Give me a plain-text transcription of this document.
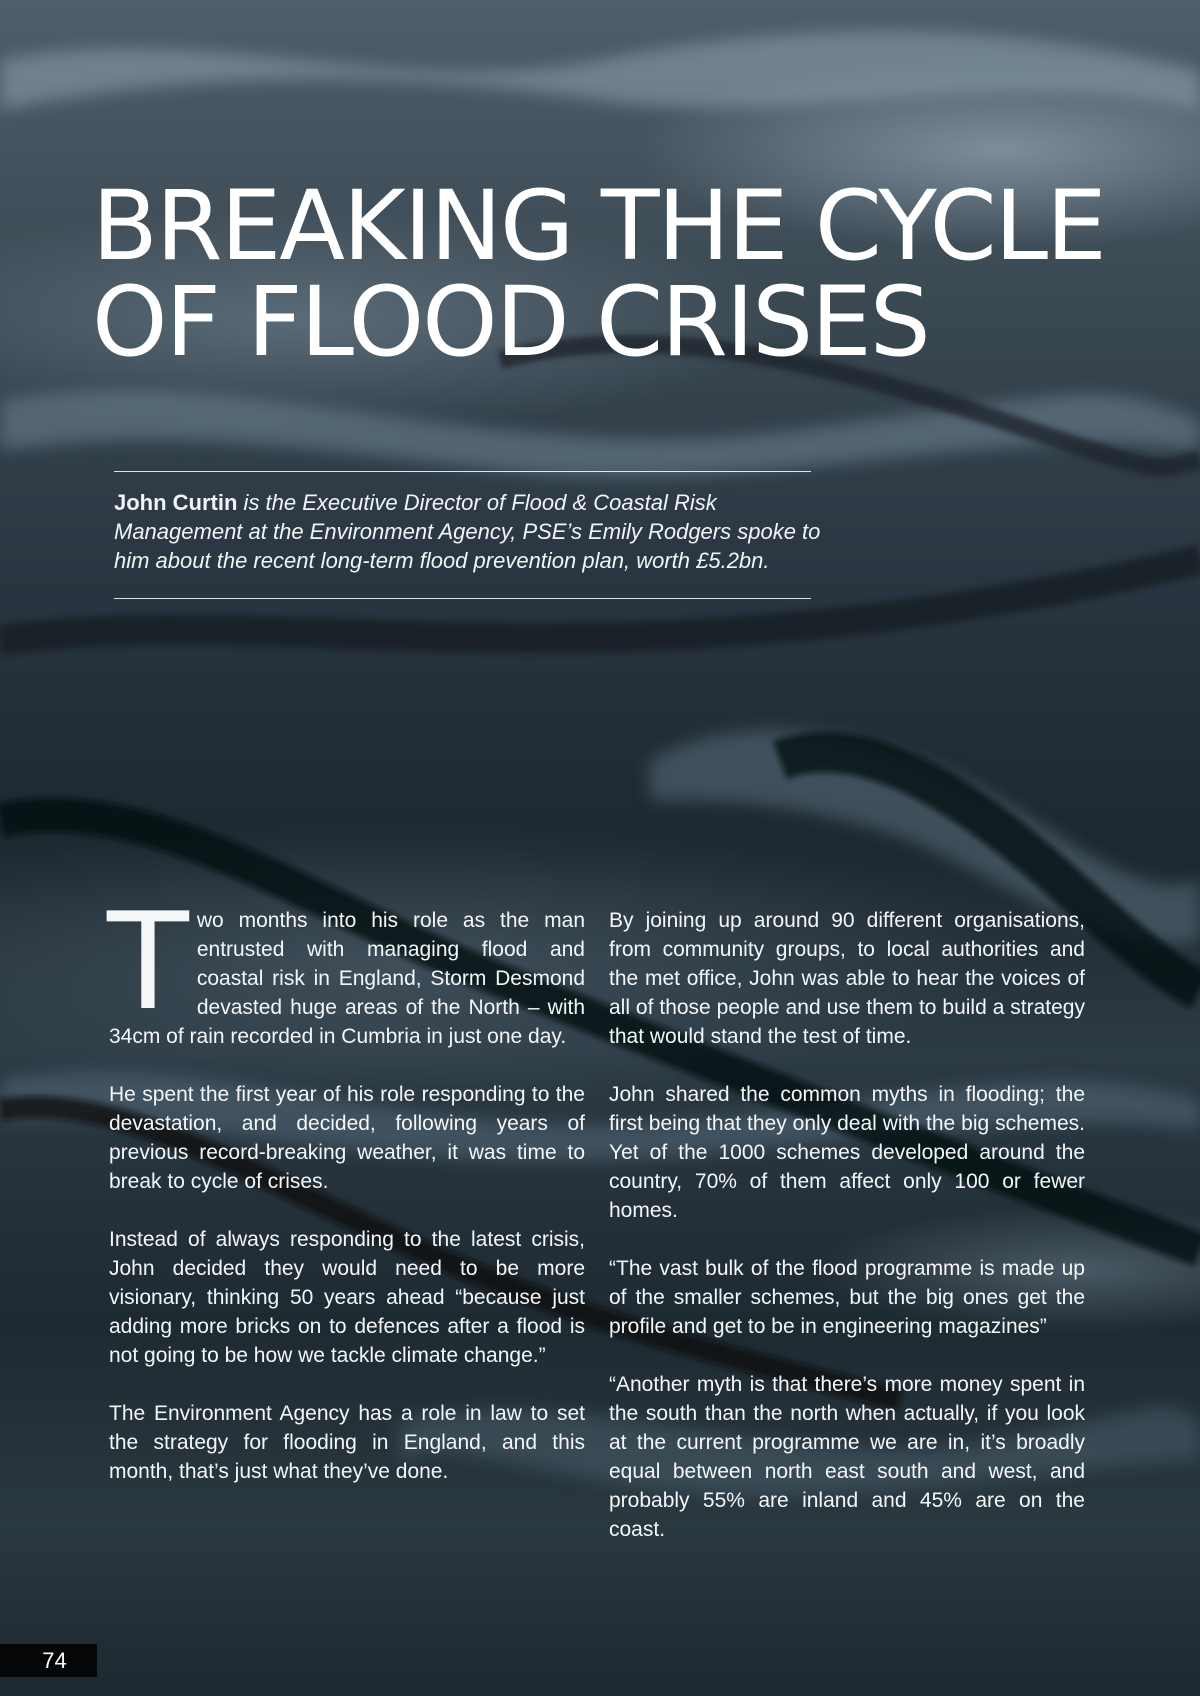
BREAKING THE CYCLE
OF FLOOD CRISES
John Curtin is the Executive Director of Flood & Coastal Risk Management at the Environment Agency, PSE’s Emily Rodgers spoke to him about the recent long-term flood prevention plan, worth £5.2bn.

Two months into his role as the man entrusted with managing flood and coastal risk in England, Storm Desmond devasted huge areas of the North – with 34cm of rain recorded in Cumbria in just one day.

He spent the first year of his role responding to the devastation, and decided, following years of previous record-breaking weather, it was time to break to cycle of crises.

Instead of always responding to the latest crisis, John decided they would need to be more visionary, thinking 50 years ahead “because just adding more bricks on to defences after a flood is not going to be how we tackle climate change.”

The Environment Agency has a role in law to set the strategy for flooding in England, and this month, that’s just what they’ve done.

By joining up around 90 different organisations, from community groups, to local authorities and the met office, John was able to hear the voices of all of those people and use them to build a strategy that would stand the test of time.

John shared the common myths in flooding; the first being that they only deal with the big schemes. Yet of the 1000 schemes developed around the country, 70% of them affect only 100 or fewer homes.

“The vast bulk of the flood programme is made up of the smaller schemes, but the big ones get the profile and get to be in engineering magazines”

“Another myth is that there’s more money spent in the south than the north when actually, if you look at the current programme we are in, it’s broadly equal between north east south and west, and probably 55% are inland and 45% are on the coast.

74
